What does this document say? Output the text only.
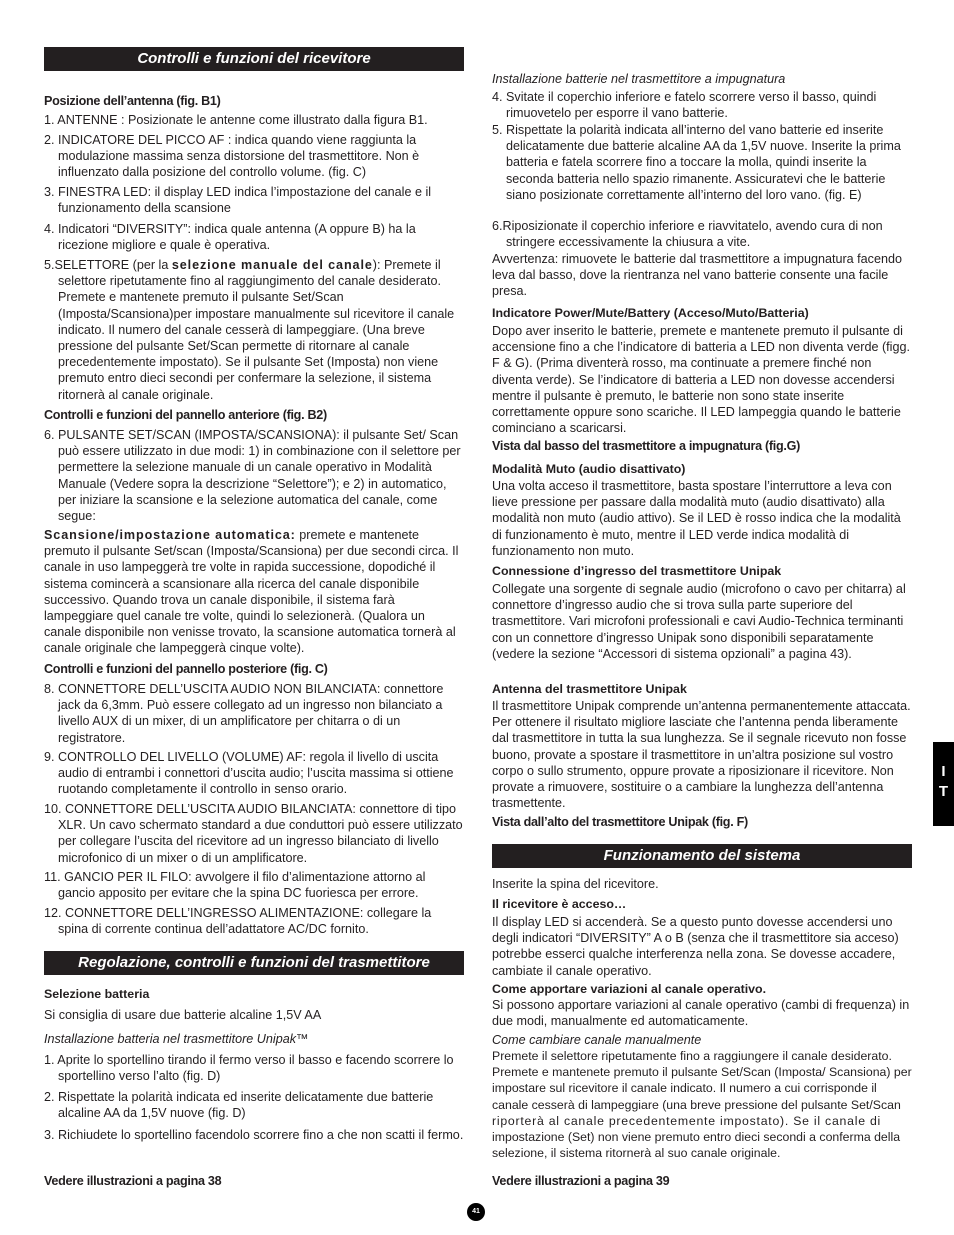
Controlli e funzioni del ricevitore
Posizione dell’antenna (fig. B1)

1. ANTENNE : Posizionate le antenne come illustrato dalla figura B1.

2. INDICATORE DEL PICCO AF : indica quando viene raggiunta la modulazione massima senza distorsione del trasmettitore. Non è influenzato dalla posizione del controllo volume. (fig. C)

3. FINESTRA LED: il display LED indica l’impostazione del canale e il funzionamento della scansione

4. Indicatori “DIVERSITY”: indica quale antenna (A oppure B) ha la ricezione migliore e quale è operativa.

5.SELETTORE (per la selezione manuale del canale): Premete il selettore ripetutamente fino al raggiungimento del canale desiderato. Premete e mantenete premuto il pulsante Set/Scan (Imposta/Scansiona)per impostare manualmente sul ricevitore il canale indicato. Il numero del canale cesserà di lampeggiare. (Una breve pressione del pulsante Set/Scan permette di ritornare al canale precedentemente impostato). Se il pulsante Set (Imposta) non viene premuto entro dieci secondi per confermare la selezione, il sistema ritornerà al canale originale.

Controlli e funzioni del pannello anteriore (fig. B2)

6. PULSANTE SET/SCAN (IMPOSTA/SCANSIONA): il pulsante Set/ Scan può essere utilizzato in due modi: 1) in combinazione con il selettore per permettere la selezione manuale di un canale operativo in Modalità Manuale (Vedere sopra la descrizione “Selettore”); e 2) in automatico, per iniziare la scansione e la selezione automatica del canale, come segue:

Scansione/impostazione automatica: premete e mantenete premuto il pulsante Set/scan (Imposta/Scansiona) per due secondi circa. Il canale in uso lampeggerà tre volte in rapida successione, dopodiché il sistema comincerà a scansionare alla ricerca del canale disponibile successivo. Quando trova un canale disponibile, il sistema farà lampeggiare quel canale tre volte, quindi lo selezionerà. (Qualora un canale disponibile non venisse trovato, la scansione automatica tornerà al canale originale che lampeggerà cinque volte).

Controlli e funzioni del pannello posteriore (fig. C)

8. CONNETTORE DELL’USCITA AUDIO NON BILANCIATA: connettore jack da 6,3mm. Può essere collegato ad un ingresso non bilanciato a livello AUX di un mixer, di un amplificatore per chitarra o di un registratore.

9. CONTROLLO DEL LIVELLO (VOLUME) AF: regola il livello di uscita audio di entrambi i connettori d’uscita audio; l’uscita massima si ottiene ruotando completamente il controllo in senso orario.

10. CONNETTORE DELL’USCITA AUDIO BILANCIATA: connettore di tipo XLR. Un cavo schermato standard a due conduttori può essere utilizzato per collegare l’uscita del ricevitore ad un ingresso bilanciato di livello microfonico di un mixer o di un amplificatore.

11. GANCIO PER IL FILO: avvolgere il filo d’alimentazione attorno al gancio apposito per evitare che la spina DC fuoriesca per errore.

12. CONNETTORE DELL’INGRESSO ALIMENTAZIONE: collegare la spina di corrente continua dell’adattatore AC/DC fornito.

Regolazione, controlli e funzioni del trasmettitore
Selezione batteria

Si consiglia di usare due batterie alcaline 1,5V AA

Installazione batteria nel trasmettitore Unipak™

1. Aprite lo sportellino tirando il fermo verso il basso e facendo scorrere lo sportellino verso l’alto (fig. D)

2. Rispettate la polarità indicata ed inserite delicatamente due batterie alcaline AA da 1,5V nuove (fig. D)

3. Richiudete lo sportellino facendolo scorrere fino a che non scatti il fermo.

Vedere illustrazioni a pagina 38
Installazione batterie nel trasmettitore a impugnatura

4. Svitate il coperchio inferiore e fatelo scorrere verso il basso, quindi rimuovetelo per esporre il vano batterie.

5. Rispettate la polarità indicata all’interno del vano batterie ed inserite delicatamente due batterie alcaline AA da 1,5V nuove. Inserite la prima batteria e fatela scorrere fino a toccare la molla, quindi inserite la seconda batteria nello spazio rimanente. Assicuratevi che le batterie siano posizionate correttamente all’interno del loro vano. (fig. E)

6.Riposizionate il coperchio inferiore e riavvitatelo, avendo cura di non stringere eccessivamente la chiusura a vite.

Avvertenza: rimuovete le batterie dal trasmettitore a impugnatura facendo leva dal basso, dove la rientranza nel vano batterie consente una facile presa.

Indicatore Power/Mute/Battery (Acceso/Muto/Batteria)

Dopo aver inserito le batterie, premete e mantenete premuto il pulsante di accensione fino a che l’indicatore di batteria a LED non diventa verde (figg. F & G). (Prima diventerà rosso, ma continuate a premere finché non diventa verde). Se l’indicatore di batteria a LED non dovesse accendersi mentre il pulsante è premuto, le batterie non sono state inserite correttamente oppure sono scariche. Il LED lampeggia quando le batterie cominciano a scaricarsi.

Vista dal basso del trasmettitore a impugnatura (fig.G)
Modalità Muto (audio disattivato)

Una volta acceso il trasmettitore, basta spostare l’interruttore a leva con lieve pressione per passare dalla modalità muto (audio disattivato) alla modalità non muto (audio attivo). Se il LED è rosso indica che la modalità di funzionamento è muto, mentre il LED verde indica modalità di funzionamento non muto.

Connessione d’ingresso del trasmettitore Unipak

Collegate una sorgente di segnale audio (microfono o cavo per chitarra) al connettore d’ingresso audio che si trova sulla parte superiore del trasmettitore. Vari microfoni professionali e cavi Audio-Technica terminanti con un connettore d’ingresso Unipak sono disponibili separatamente (vedere la sezione “Accessori di sistema opzionali” a pagina 43).

Antenna del trasmettitore Unipak

Il trasmettitore Unipak comprende un’antenna permanentemente attaccata. Per ottenere il risultato migliore lasciate che l’antenna penda liberamente dal trasmettitore in tutta la sua lunghezza. Se il segnale ricevuto non fosse buono, provate a spostare il trasmettitore in un’altra posizione sul vostro corpo o sullo strumento, oppure provate a riposizionare il ricevitore. Non provate a rimuovere, sostituire o a cambiare la lunghezza dell’antenna trasmettente.

Vista dall’alto del trasmettitore Unipak (fig. F)
Funzionamento del sistema

Inserite la spina del ricevitore.

Il ricevitore è acceso…

Il display LED si accenderà. Se a questo punto dovesse accendersi uno degli indicatori “DIVERSITY” A o B (senza che il trasmettitore sia acceso) potrebbe esserci qualche interferenza nella zona. Se dovesse accadere, cambiate il canale operativo.

Come apportare variazioni al canale operativo.

Si possono apportare variazioni al canale operativo (cambi di frequenza) in due modi, manualmente ed automaticamente.

Come cambiare canale manualmente

Premete il selettore ripetutamente fino a raggiungere il canale desiderato. Premete e mantenete premuto il pulsante Set/Scan (Imposta/ Scansiona) per impostare sul ricevitore il canale indicato. Il numero a cui corrisponde il canale cesserà di lampeggiare (una breve pressione del pulsante Set/Scan riporterà al canale precedentemente impostato). Se il canale di impostazione (Set) non viene premuto entro dieci secondi a conferma della selezione, il sistema ritornerà al suo canale originale.

Vedere illustrazioni a pagina 39
I
T
41
